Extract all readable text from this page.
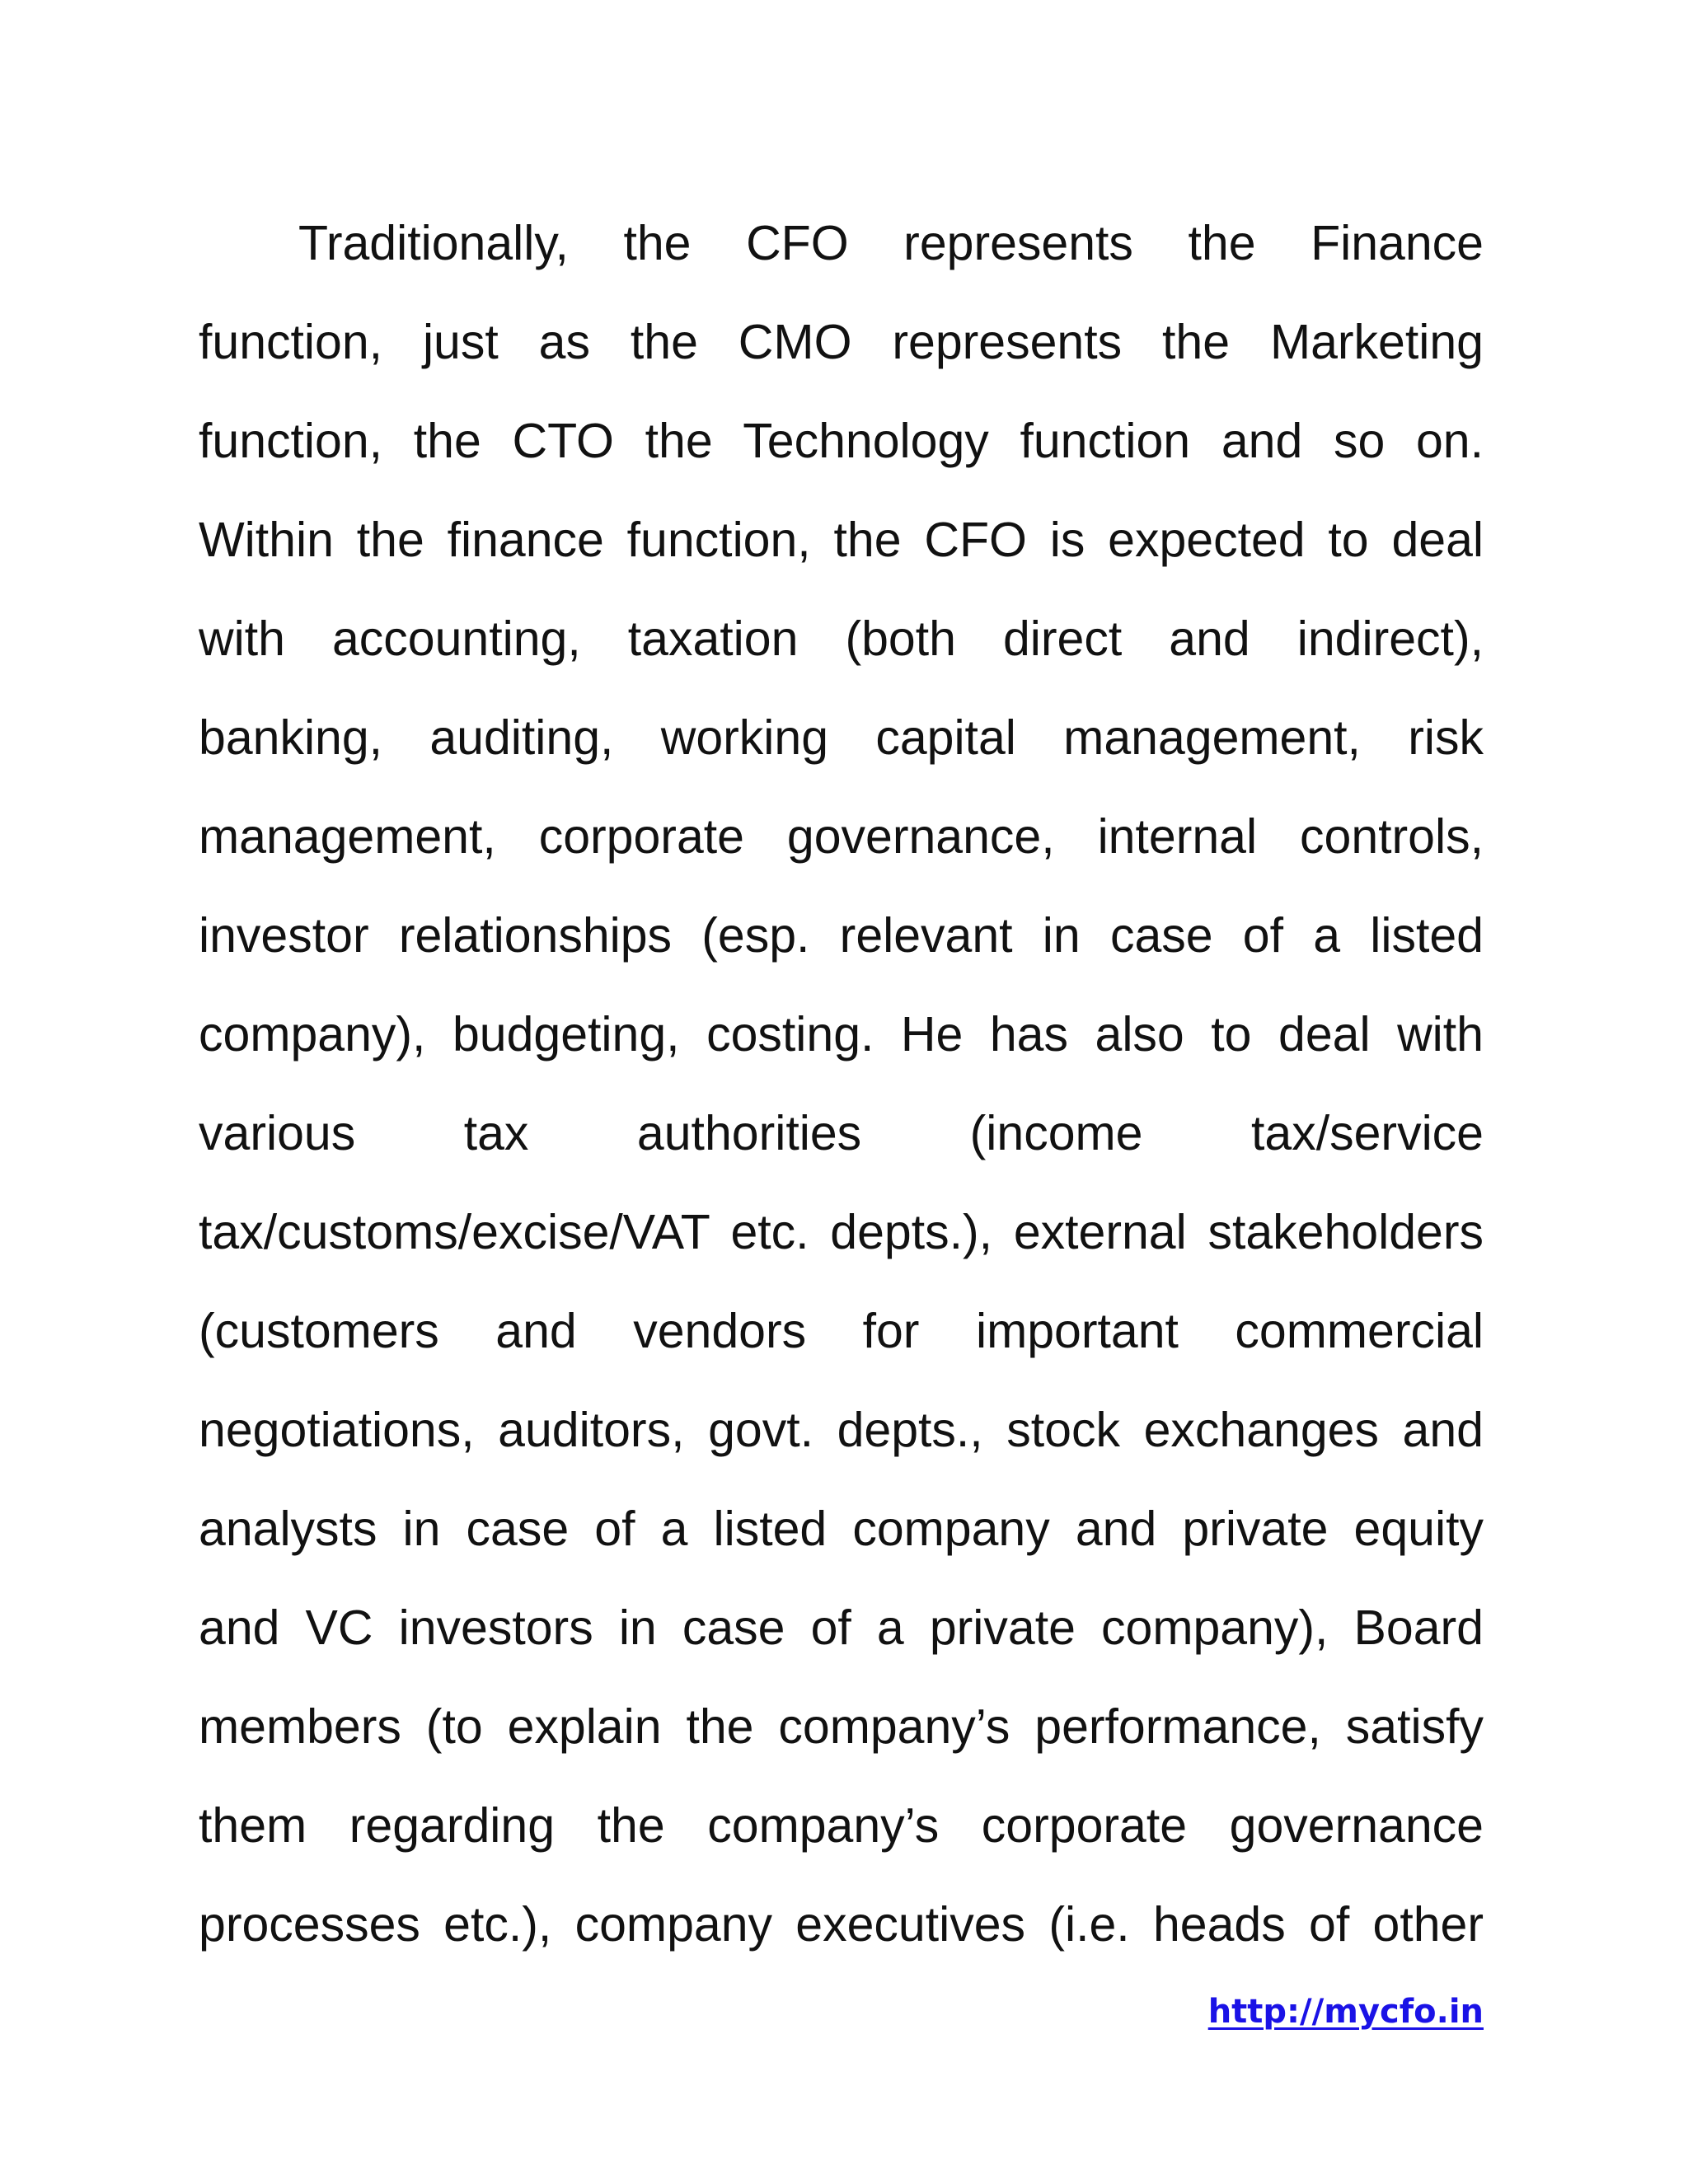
Traditionally, the CFO represents the Finance
function, just as the CMO represents the Marketing
function, the CTO the Technology function and so on.
Within the finance function, the CFO is expected to deal
with accounting, taxation (both direct and indirect),
banking, auditing, working capital management, risk
management, corporate governance, internal controls,
investor relationships (esp. relevant in case of a listed
company), budgeting, costing. He has also to deal with
various tax authorities (income tax/service
tax/customs/excise/VAT etc. depts.), external stakeholders
(customers and vendors for important commercial
negotiations, auditors, govt. depts., stock exchanges and
analysts in case of a listed company and private equity
and VC investors in case of a private company), Board
members (to explain the company’s performance, satisfy
them regarding the company’s corporate governance
processes etc.), company executives (i.e. heads of other
http://mycfo.in
